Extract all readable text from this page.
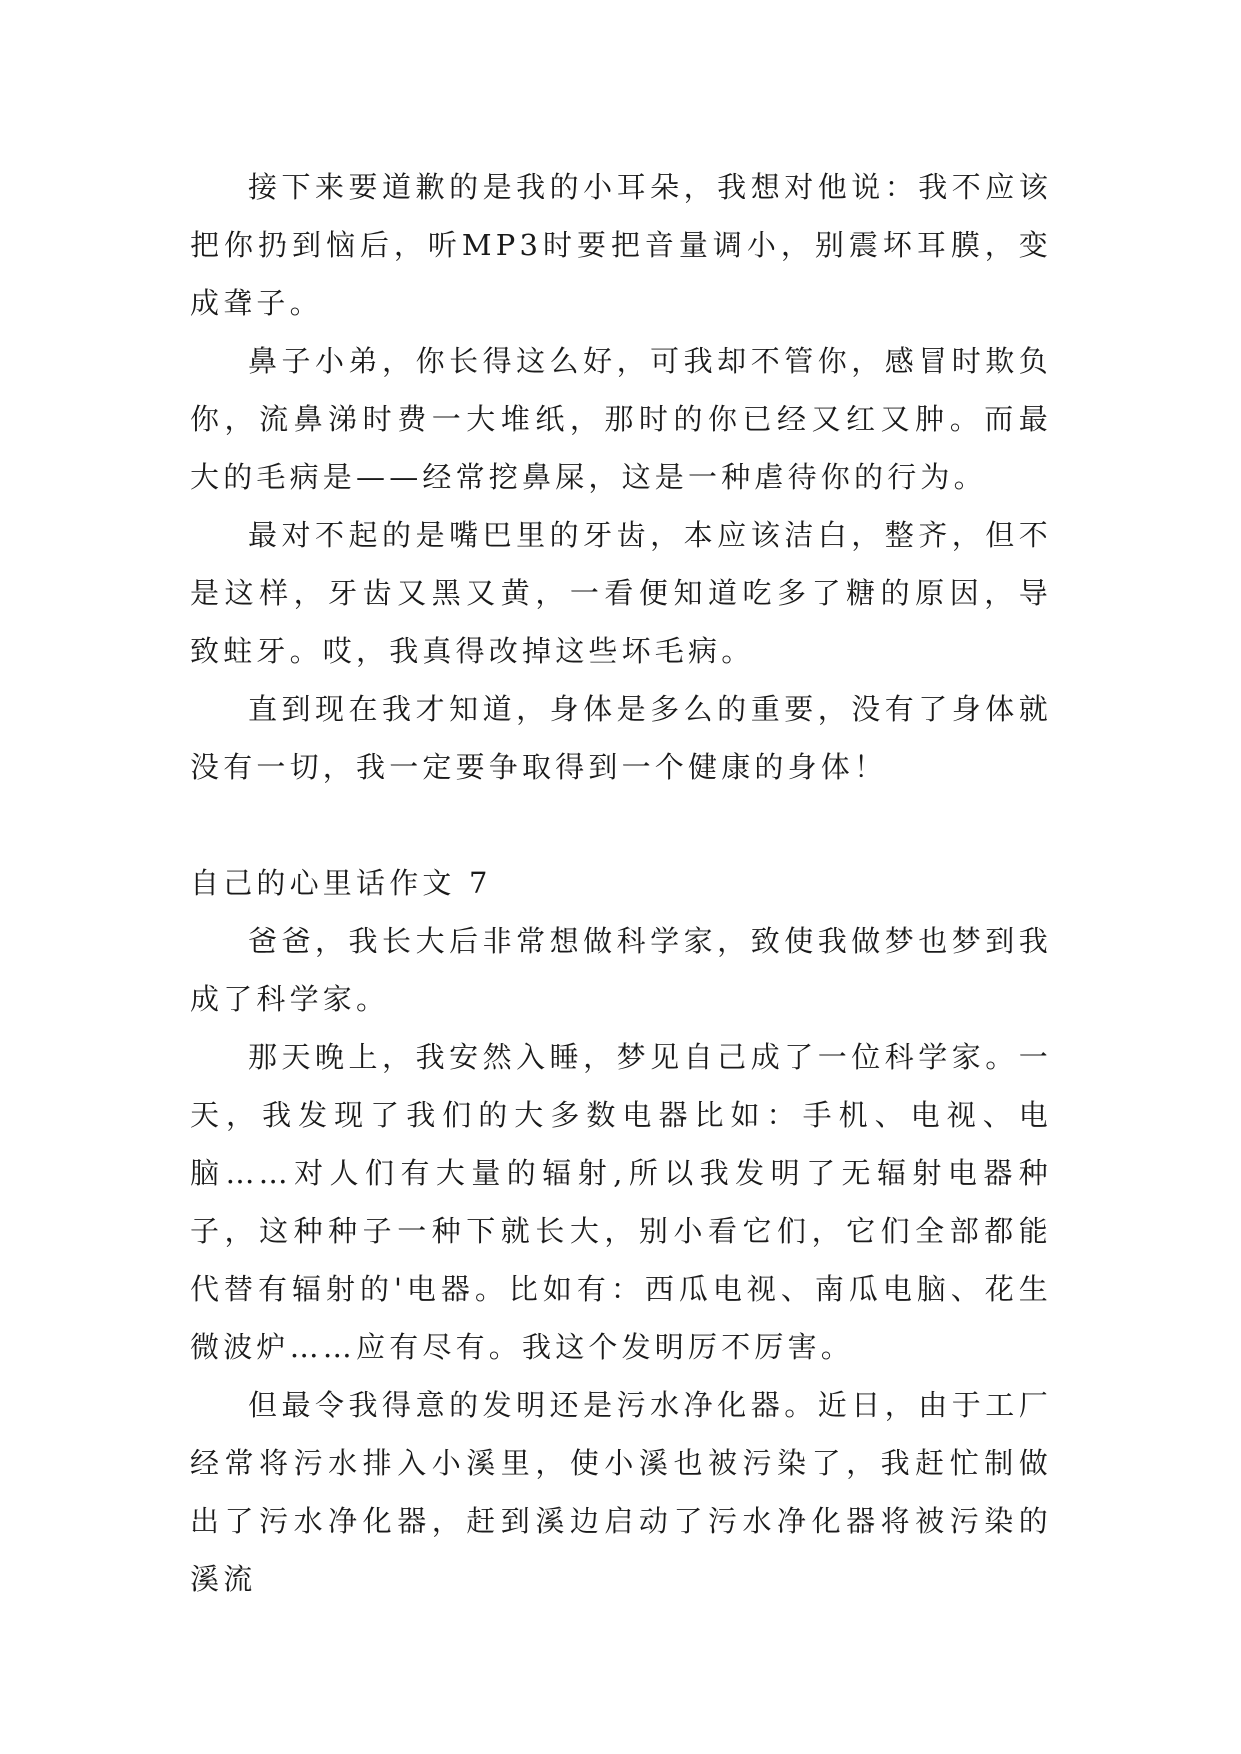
接下来要道歉的是我的小耳朵，我想对他说：我不应该把你扔到恼后，听MP3时要把音量调小，别震坏耳膜，变成聋子。

鼻子小弟，你长得这么好，可我却不管你，感冒时欺负你，流鼻涕时费一大堆纸，那时的你已经又红又肿。而最大的毛病是——经常挖鼻屎，这是一种虐待你的行为。

最对不起的是嘴巴里的牙齿，本应该洁白，整齐，但不是这样，牙齿又黑又黄，一看便知道吃多了糖的原因，导致蛀牙。哎，我真得改掉这些坏毛病。

直到现在我才知道，身体是多么的重要，没有了身体就没有一切，我一定要争取得到一个健康的身体！

自己的心里话作文 7

爸爸，我长大后非常想做科学家，致使我做梦也梦到我成了科学家。

那天晚上，我安然入睡，梦见自己成了一位科学家。一天，我发现了我们的大多数电器比如：手机、电视、电脑……对人们有大量的辐射,所以我发明了无辐射电器种子，这种种子一种下就长大，别小看它们，它们全部都能代替有辐射的'电器。比如有：西瓜电视、南瓜电脑、花生微波炉……应有尽有。我这个发明厉不厉害。

但最令我得意的发明还是污水净化器。近日，由于工厂经常将污水排入小溪里，使小溪也被污染了，我赶忙制做出了污水净化器，赶到溪边启动了污水净化器将被污染的溪流
